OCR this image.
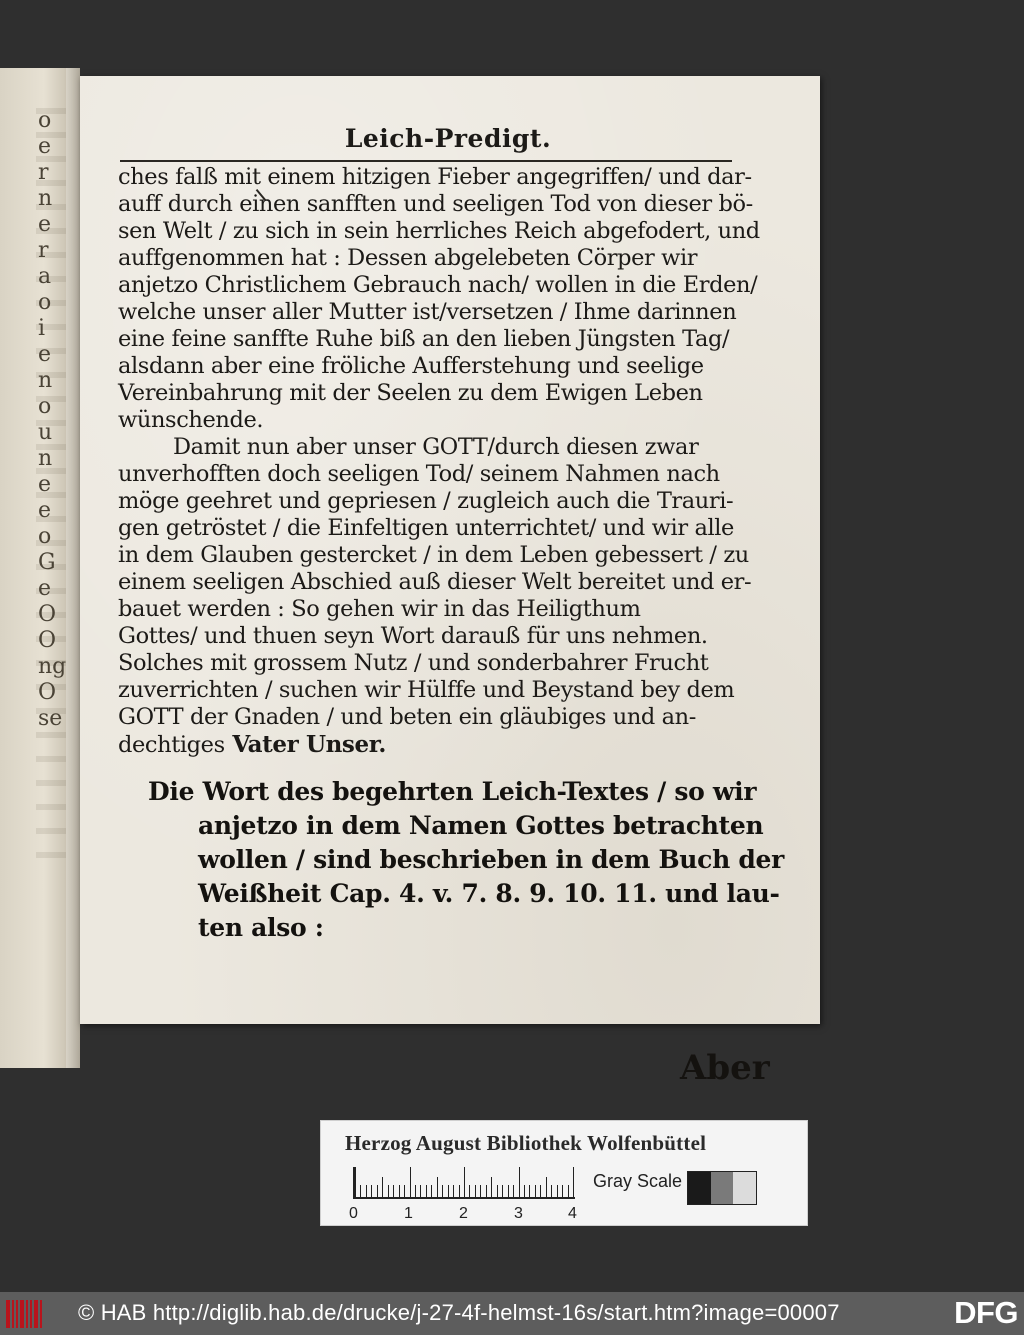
o
e
r
n
e
r
a
o
i
e
n
o
u
n
e
e
o
G
e
O
O
ng
O
se
Leich-Predigt.
ches falß mit einem hitzigen Fieber angegriffen/ und dar-
auff durch einen sanfften und seeligen Tod von dieser bö-
sen Welt / zu sich in sein herrliches Reich abgefodert, und
auffgenommen hat : Dessen abgelebeten Cörper wir
anjetzo Christlichem Gebrauch nach/ wollen in die Erden/
welche unser aller Mutter ist/versetzen / Ihme darinnen
eine feine sanffte Ruhe biß an den lieben Jüngsten Tag/
alsdann aber eine fröliche Aufferstehung und seelige
Vereinbahrung mit der Seelen zu dem Ewigen Leben
wünschende.
Damit nun aber unser GOTT/durch diesen zwar
unverhofften doch seeligen Tod/ seinem Nahmen nach
möge geehret und gepriesen / zugleich auch die Trauri-
gen getröstet / die Einfeltigen unterrichtet/ und wir alle
in dem Glauben gestercket / in dem Leben gebessert / zu
einem seeligen Abschied auß dieser Welt bereitet und er-
bauet werden : So gehen wir in das Heiligthum
Gottes/ und thuen seyn Wort darauß für uns nehmen.
Solches mit grossem Nutz / und sonderbahrer Frucht
zuverrichten / suchen wir Hülffe und Beystand bey dem
GOTT der Gnaden / und beten ein gläubiges und an-
dechtiges Vater Unser.
Die Wort des begehrten Leich-Textes / so wir
anjetzo in dem Namen Gottes betrachten
wollen / sind beschrieben in dem Buch der
Weißheit Cap. 4. v. 7. 8. 9. 10. 11. und lau-
ten also :
Aber
Herzog August Bibliothek Wolfenbüttel
0	1	2	3	4
Gray Scale
© HAB http://diglib.hab.de/drucke/j-27-4f-helmst-16s/start.htm?image=00007	DFG
